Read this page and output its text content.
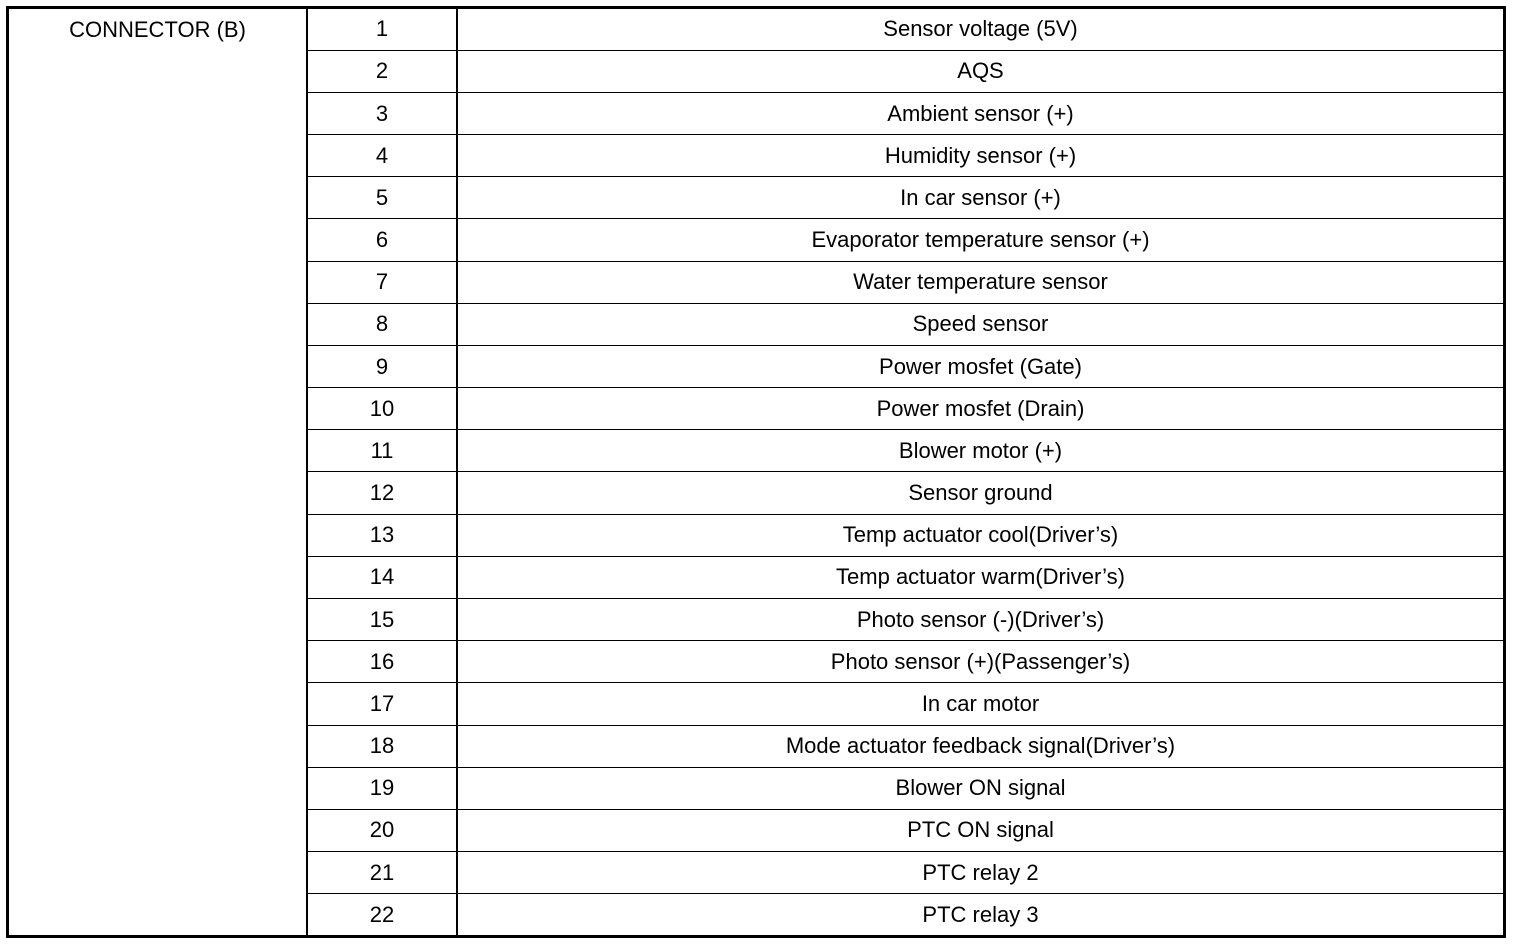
CONNECTOR (B)	1	Sensor voltage (5V)
	2	AQS
	3	Ambient sensor (+)
	4	Humidity sensor (+)
	5	In car sensor (+)
	6	Evaporator temperature sensor (+)
	7	Water temperature sensor
	8	Speed sensor
	9	Power mosfet (Gate)
	10	Power mosfet (Drain)
	11	Blower motor (+)
	12	Sensor ground
	13	Temp actuator cool(Driver’s)
	14	Temp actuator warm(Driver’s)
	15	Photo sensor (-)(Driver’s)
	16	Photo sensor (+)(Passenger’s)
	17	In car motor
	18	Mode actuator feedback signal(Driver’s)
	19	Blower ON signal
	20	PTC ON signal
	21	PTC relay 2
	22	PTC relay 3
